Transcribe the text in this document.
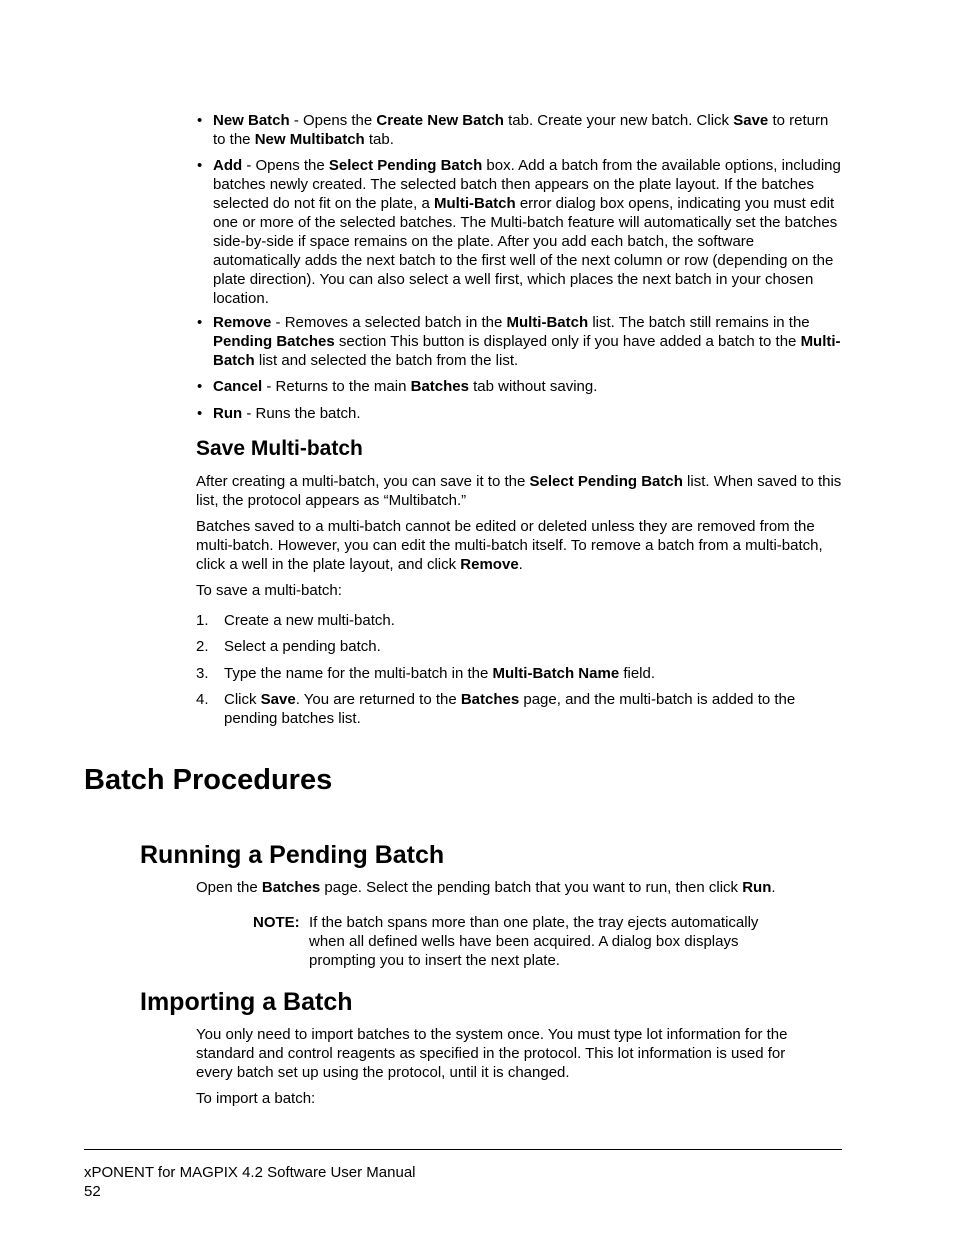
• New Batch - Opens the Create New Batch tab. Create your new batch. Click Save to return to the New Multibatch tab.
• Add - Opens the Select Pending Batch box. Add a batch from the available options, including batches newly created. The selected batch then appears on the plate layout. If the batches selected do not fit on the plate, a Multi-Batch error dialog box opens, indicating you must edit one or more of the selected batches. The Multi-batch feature will automatically set the batches side-by-side if space remains on the plate. After you add each batch, the software automatically adds the next batch to the first well of the next column or row (depending on the plate direction). You can also select a well first, which places the next batch in your chosen location.
• Remove - Removes a selected batch in the Multi-Batch list. The batch still remains in the Pending Batches section This button is displayed only if you have added a batch to the Multi-Batch list and selected the batch from the list.
• Cancel - Returns to the main Batches tab without saving.
• Run - Runs the batch.
Save Multi-batch
After creating a multi-batch, you can save it to the Select Pending Batch list. When saved to this list, the protocol appears as “Multibatch.”
Batches saved to a multi-batch cannot be edited or deleted unless they are removed from the multi-batch. However, you can edit the multi-batch itself. To remove a batch from a multi-batch, click a well in the plate layout, and click Remove.
To save a multi-batch:
1. Create a new multi-batch.
2. Select a pending batch.
3. Type the name for the multi-batch in the Multi-Batch Name field.
4. Click Save. You are returned to the Batches page, and the multi-batch is added to the pending batches list.
Batch Procedures
Running a Pending Batch
Open the Batches page. Select the pending batch that you want to run, then click Run.
NOTE: If the batch spans more than one plate, the tray ejects automatically when all defined wells have been acquired. A dialog box displays prompting you to insert the next plate.
Importing a Batch
You only need to import batches to the system once. You must type lot information for the standard and control reagents as specified in the protocol. This lot information is used for every batch set up using the protocol, until it is changed.
To import a batch:
xPONENT for MAGPIX 4.2 Software User Manual
52
